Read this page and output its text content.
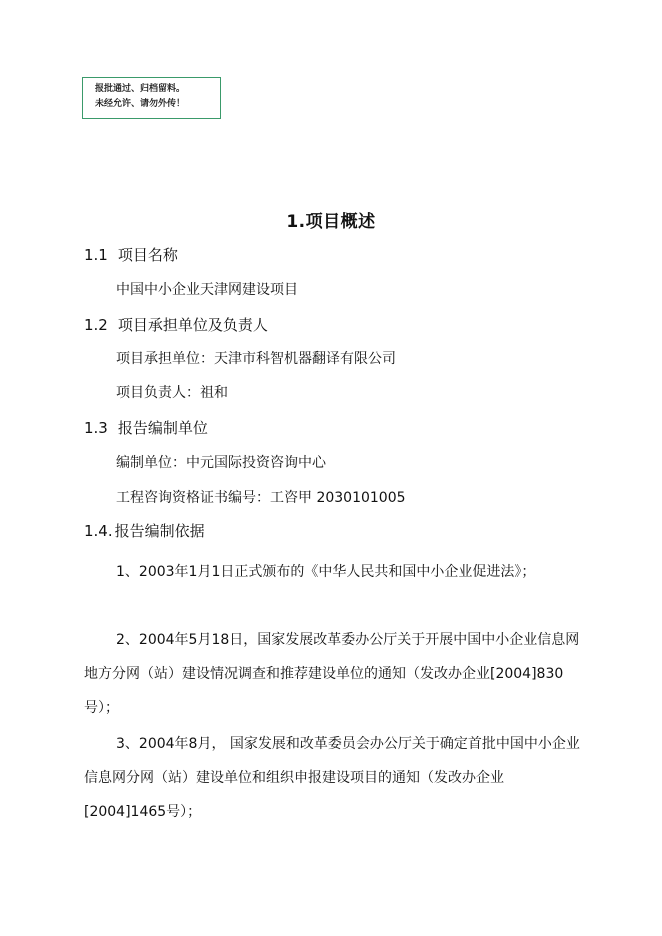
报批通过、归档留料。
未经允许、请勿外传！
1.项目概述
1.1 项目名称
中国中小企业天津网建设项目
1.2 项目承担单位及负责人
项目承担单位：天津市科智机器翻译有限公司
项目负责人：祖和
1.3 报告编制单位
编制单位：中元国际投资咨询中心
工程咨询资格证书编号：工咨甲 2030101005
1.4. 报告编制依据

1、2003年1月1日正式颁布的《中华人民共和国中小企业促进法》；

2、2004年5月18日，国家发展改革委办公厅关于开展中国中小企业信息网地方分网（站）建设情况调查和推荐建设单位的通知（发改办企业[2004]830号）；

3、2004年8月， 国家发展和改革委员会办公厅关于确定首批中国中小企业信息网分网（站）建设单位和组织申报建设项目的通知（发改办企业[2004]1465号）；
